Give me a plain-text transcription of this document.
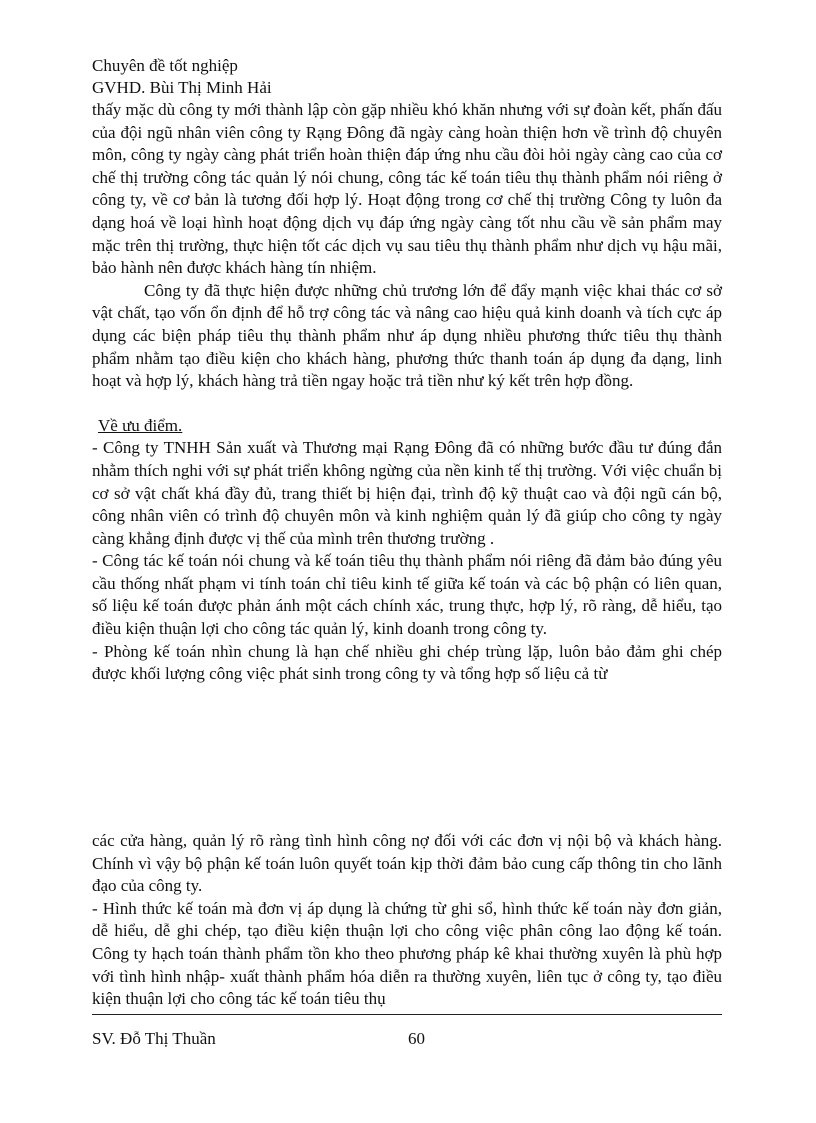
Chuyên đề tốt nghiệp
GVHD. Bùi Thị Minh Hải

thấy mặc dù công ty mới thành lập còn gặp nhiều khó khăn nhưng với sự đoàn kết, phấn đấu của đội ngũ nhân viên công ty Rạng Đông đã ngày càng hoàn thiện hơn về trình độ chuyên môn, công ty ngày càng phát triển hoàn thiện đáp ứng nhu cầu đòi hỏi ngày càng cao của cơ chế thị trường công tác quản lý nói chung, công tác kế toán tiêu thụ thành phẩm nói riêng ở công ty, về cơ bản là tương đối hợp lý. Hoạt động trong cơ chế thị trường Công ty luôn đa dạng hoá về loại hình hoạt động dịch vụ đáp ứng ngày càng tốt nhu cầu về sản phẩm may mặc trên thị trường, thực hiện tốt các dịch vụ sau tiêu thụ thành phẩm như dịch vụ hậu mãi, bảo hành nên được khách hàng tín nhiệm.

Công ty đã thực hiện được những chủ trương lớn để đẩy mạnh việc khai thác cơ sở vật chất, tạo vốn ổn định để hỗ trợ công tác và nâng cao hiệu quả kinh doanh và tích cực áp dụng các biện pháp tiêu thụ thành phẩm như áp dụng nhiều phương thức tiêu thụ thành phẩm nhằm tạo điều kiện cho khách hàng, phương thức thanh toán áp dụng đa dạng, linh hoạt và hợp lý, khách hàng trả tiền ngay hoặc trả tiền như ký kết trên hợp đồng.

Về ưu điểm.

- Công ty TNHH Sản xuất và Thương mại Rạng Đông đã có những bước đầu tư đúng đắn nhằm thích nghi với sự phát triển không ngừng của nền kinh tế thị trường. Với việc chuẩn bị cơ sở vật chất khá đầy đủ, trang thiết bị hiện đại, trình độ kỹ thuật cao và đội ngũ cán bộ, công nhân viên có trình độ chuyên môn và kinh nghiệm quản lý đã giúp cho công ty ngày càng khẳng định được vị thế của mình trên thương trường .

- Công tác kế toán nói chung và kế toán tiêu thụ thành phẩm nói riêng đã đảm bảo đúng yêu cầu thống nhất phạm vi tính toán chỉ tiêu kinh tế giữa kế toán và các bộ phận có liên quan, số liệu kế toán được phản ánh một cách chính xác, trung thực, hợp lý, rõ ràng, dễ hiểu, tạo điều kiện thuận lợi cho công tác quản lý, kinh doanh trong công ty.

- Phòng kế toán nhìn chung là hạn chế nhiều ghi chép trùng lặp, luôn bảo đảm ghi chép được khối lượng công việc phát sinh trong công ty và tổng hợp số liệu cả từ

các cửa hàng, quản lý rõ ràng tình hình công nợ đối với các đơn vị nội bộ và khách hàng. Chính vì vậy bộ phận kế toán luôn quyết toán kịp thời đảm bảo cung cấp thông tin cho lãnh đạo của công ty.

- Hình thức kế toán mà đơn vị áp dụng là chứng từ ghi sổ, hình thức kế toán này đơn giản, dễ hiểu, dễ ghi chép, tạo điều kiện thuận lợi cho công việc phân công lao động kế toán. Công ty hạch toán thành phẩm tồn kho theo phương pháp kê khai thường xuyên là phù hợp với tình hình nhập- xuất thành phẩm hóa diễn ra thường xuyên, liên tục ở công ty, tạo điều kiện thuận lợi cho công tác kế toán tiêu thụ

SV. Đỗ Thị Thuần	60
